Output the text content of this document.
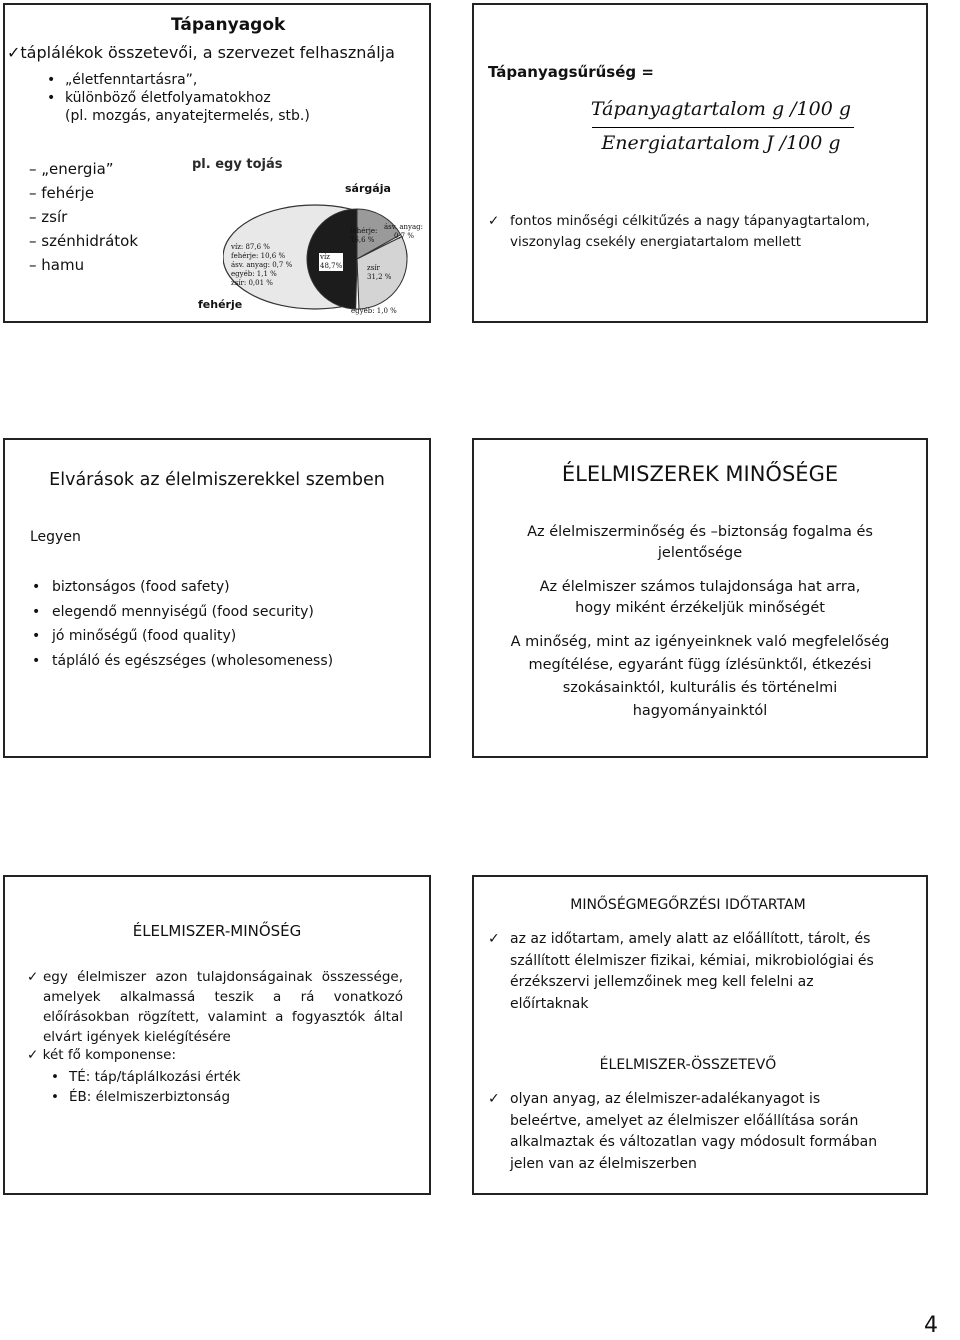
Tápanyagok
✓táplálékok összetevői, a szervezet felhasználja
• „életfenntartásra”,
• különböző életfolyamatokhoz
(pl. mozgás, anyatejtermelés, stb.)
– „energia”
– fehérje
– zsír
– szénhidrátok
– hamu
pl. egy tojás
sárgája
fehérje
víz: 87,6 %
fehérje: 10,6 %
ásv. anyag: 0,7 %
egyéb: 1,1 %
zsír: 0,01 %
víz
48,7%
fehérje:
16,6 %
ásv. anyag:
0,7 %
zsír
31,2 %
egyéb: 1,0 %
Tápanyagsűrűség =
Tápanyagtartalom g /100 g
Energiatartalom J /100 g
✓ fontos minőségi célkitűzés a nagy tápanyagtartalom,
viszonylag csekély energiatartalom mellett
Elvárások az élelmiszerekkel szemben
Legyen
• biztonságos (food safety)
• elegendő mennyiségű (food security)
• jó minőségű (food quality)
• tápláló és egészséges (wholesomeness)
ÉLELMISZEREK MINŐSÉGE
Az élelmiszerminőség és –biztonság fogalma és
jelentősége
Az élelmiszer számos tulajdonsága hat arra,
hogy miként érzékeljük minőségét
A minőség, mint az igényeinknek való megfelelőség
megítélése, egyaránt függ ízlésünktől, étkezési
szokásainktól, kulturális és történelmi
hagyományainktól
ÉLELMISZER-MINŐSÉG
✓ egy élelmiszer azon tulajdonságainak összessége, amelyek alkalmassá teszik a rá vonatkozó előírásokban rögzített, valamint a fogyasztók által elvárt igények kielégítésére
✓ két fő komponense:
• TÉ: táp/táplálkozási érték
• ÉB: élelmiszerbiztonság
MINŐSÉGMEGŐRZÉSI IDŐTARTAM
✓ az az időtartam, amely alatt az előállított, tárolt, és
szállított élelmiszer fizikai, kémiai, mikrobiológiai és
érzékszervi jellemzőinek meg kell felelni az
előírtaknak
ÉLELMISZER-ÖSSZETEVŐ
✓ olyan anyag, az élelmiszer-adalékanyagot is
beleértve, amelyet az élelmiszer előállítása során
alkalmaztak és változatlan vagy módosult formában
jelen van az élelmiszerben
4
